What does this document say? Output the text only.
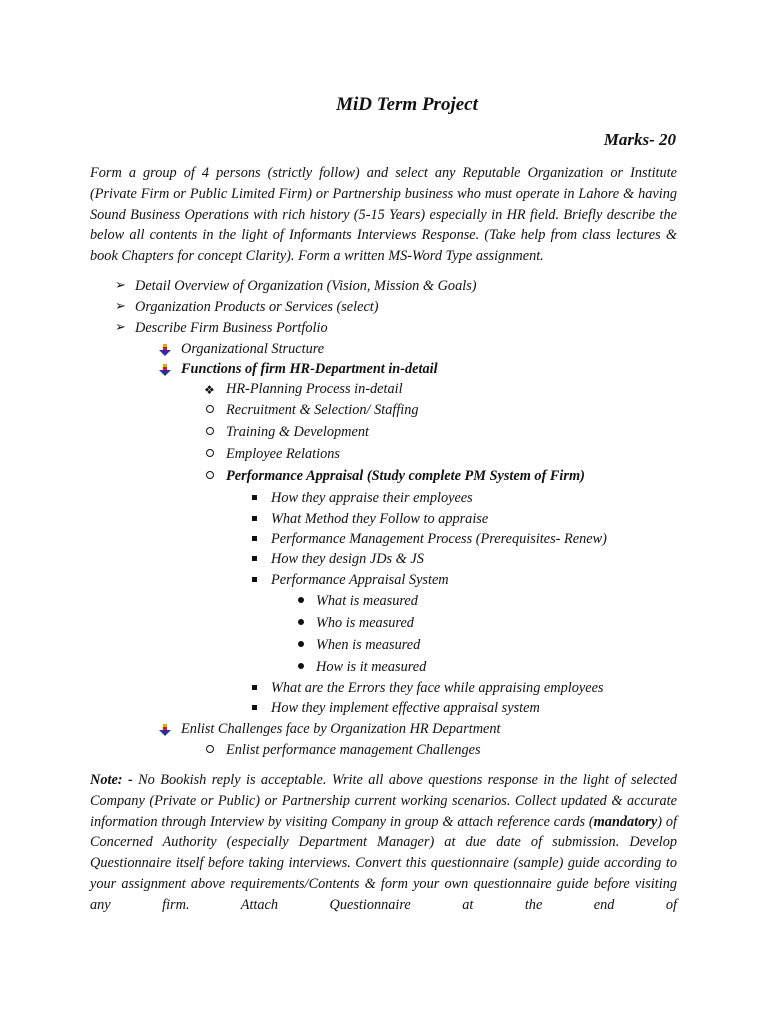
MiD Term Project
Marks- 20
Form a group of 4 persons (strictly follow) and select any Reputable Organization or Institute (Private Firm or Public Limited Firm) or Partnership business who must operate in Lahore & having Sound Business Operations with rich history (5-15 Years) especially in HR field. Briefly describe the below all contents in the light of Informants Interviews Response. (Take help from class lectures & book Chapters for concept Clarity). Form a written MS-Word Type assignment.
➢ Detail Overview of Organization (Vision, Mission & Goals)
➢ Organization Products or Services (select)
➢ Describe Firm Business Portfolio
Organizational Structure
Functions of firm HR-Department in-detail
❖ HR-Planning Process in-detail
Recruitment & Selection/ Staffing
Training & Development
Employee Relations
Performance Appraisal (Study complete PM System of Firm)
How they appraise their employees
What Method they Follow to appraise
Performance Management Process (Prerequisites- Renew)
How they design JDs & JS
Performance Appraisal System
What is measured
Who is measured
When is measured
How is it measured
What are the Errors they face while appraising employees
How they implement effective appraisal system
Enlist Challenges face by Organization HR Department
Enlist performance management Challenges
Note: - No Bookish reply is acceptable. Write all above questions response in the light of selected Company (Private or Public) or Partnership current working scenarios. Collect updated & accurate information through Interview by visiting Company in group & attach reference cards (mandatory) of Concerned Authority (especially Department Manager) at due date of submission. Develop Questionnaire itself before taking interviews. Convert this questionnaire (sample) guide according to your assignment above requirements/Contents & form your own questionnaire guide before visiting any firm. Attach Questionnaire at the end of
